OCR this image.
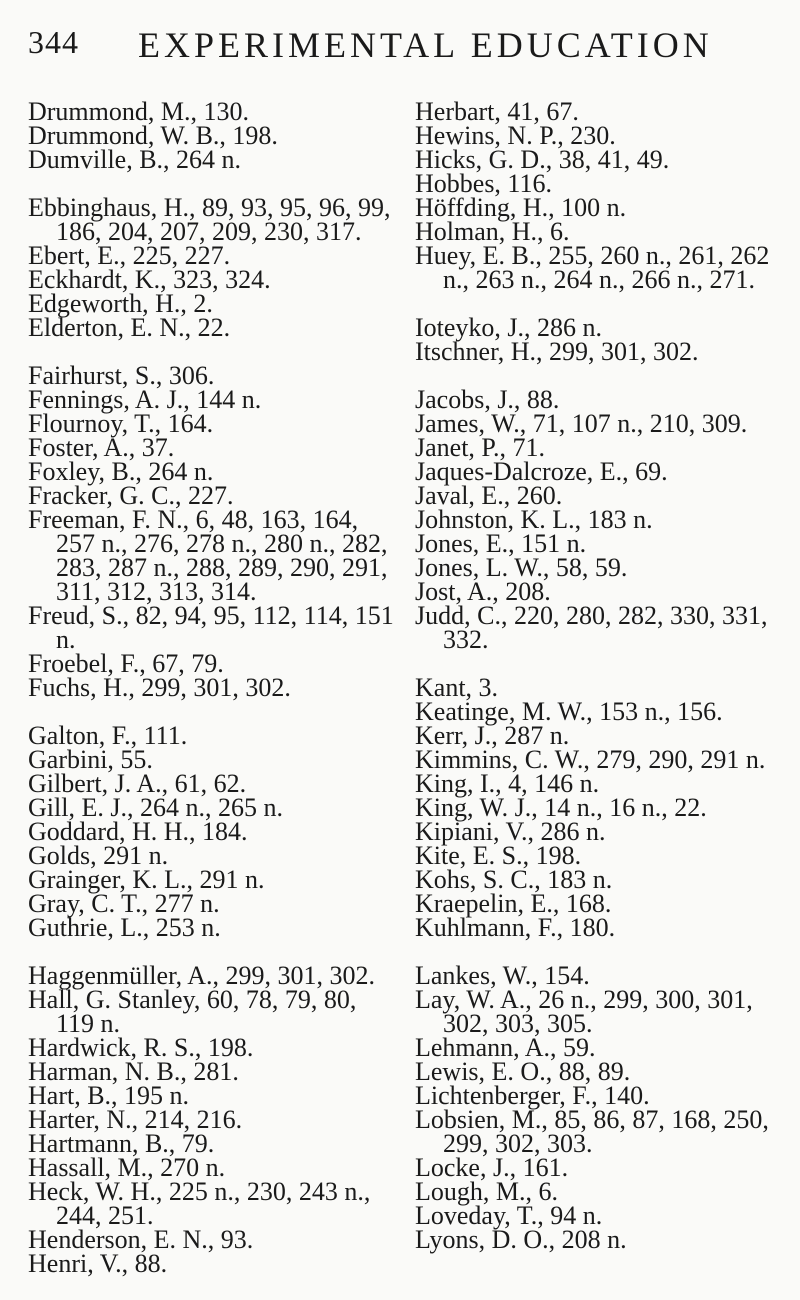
344 EXPERIMENTAL EDUCATION
Drummond, M., 130.
Drummond, W. B., 198.
Dumville, B., 264 n.
Ebbinghaus, H., 89, 93, 95, 96, 99, 186, 204, 207, 209, 230, 317.
Ebert, E., 225, 227.
Eckhardt, K., 323, 324.
Edgeworth, H., 2.
Elderton, E. N., 22.
Fairhurst, S., 306.
Fennings, A. J., 144 n.
Flournoy, T., 164.
Foster, A., 37.
Foxley, B., 264 n.
Fracker, G. C., 227.
Freeman, F. N., 6, 48, 163, 164, 257 n., 276, 278 n., 280 n., 282, 283, 287 n., 288, 289, 290, 291, 311, 312, 313, 314.
Freud, S., 82, 94, 95, 112, 114, 151 n.
Froebel, F., 67, 79.
Fuchs, H., 299, 301, 302.
Galton, F., 111.
Garbini, 55.
Gilbert, J. A., 61, 62.
Gill, E. J., 264 n., 265 n.
Goddard, H. H., 184.
Golds, 291 n.
Grainger, K. L., 291 n.
Gray, C. T., 277 n.
Guthrie, L., 253 n.
Haggenmüller, A., 299, 301, 302.
Hall, G. Stanley, 60, 78, 79, 80, 119 n.
Hardwick, R. S., 198.
Harman, N. B., 281.
Hart, B., 195 n.
Harter, N., 214, 216.
Hartmann, B., 79.
Hassall, M., 270 n.
Heck, W. H., 225 n., 230, 243 n., 244, 251.
Henderson, E. N., 93.
Henri, V., 88.
Herbart, 41, 67.
Hewins, N. P., 230.
Hicks, G. D., 38, 41, 49.
Hobbes, 116.
Höffding, H., 100 n.
Holman, H., 6.
Huey, E. B., 255, 260 n., 261, 262 n., 263 n., 264 n., 266 n., 271.
Ioteyko, J., 286 n.
Itschner, H., 299, 301, 302.
Jacobs, J., 88.
James, W., 71, 107 n., 210, 309.
Janet, P., 71.
Jaques-Dalcroze, E., 69.
Javal, E., 260.
Johnston, K. L., 183 n.
Jones, E., 151 n.
Jones, L. W., 58, 59.
Jost, A., 208.
Judd, C., 220, 280, 282, 330, 331, 332.
Kant, 3.
Keatinge, M. W., 153 n., 156.
Kerr, J., 287 n.
Kimmins, C. W., 279, 290, 291 n.
King, I., 4, 146 n.
King, W. J., 14 n., 16 n., 22.
Kipiani, V., 286 n.
Kite, E. S., 198.
Kohs, S. C., 183 n.
Kraepelin, E., 168.
Kuhlmann, F., 180.
Lankes, W., 154.
Lay, W. A., 26 n., 299, 300, 301, 302, 303, 305.
Lehmann, A., 59.
Lewis, E. O., 88, 89.
Lichtenberger, F., 140.
Lobsien, M., 85, 86, 87, 168, 250, 299, 302, 303.
Locke, J., 161.
Lough, M., 6.
Loveday, T., 94 n.
Lyons, D. O., 208 n.
